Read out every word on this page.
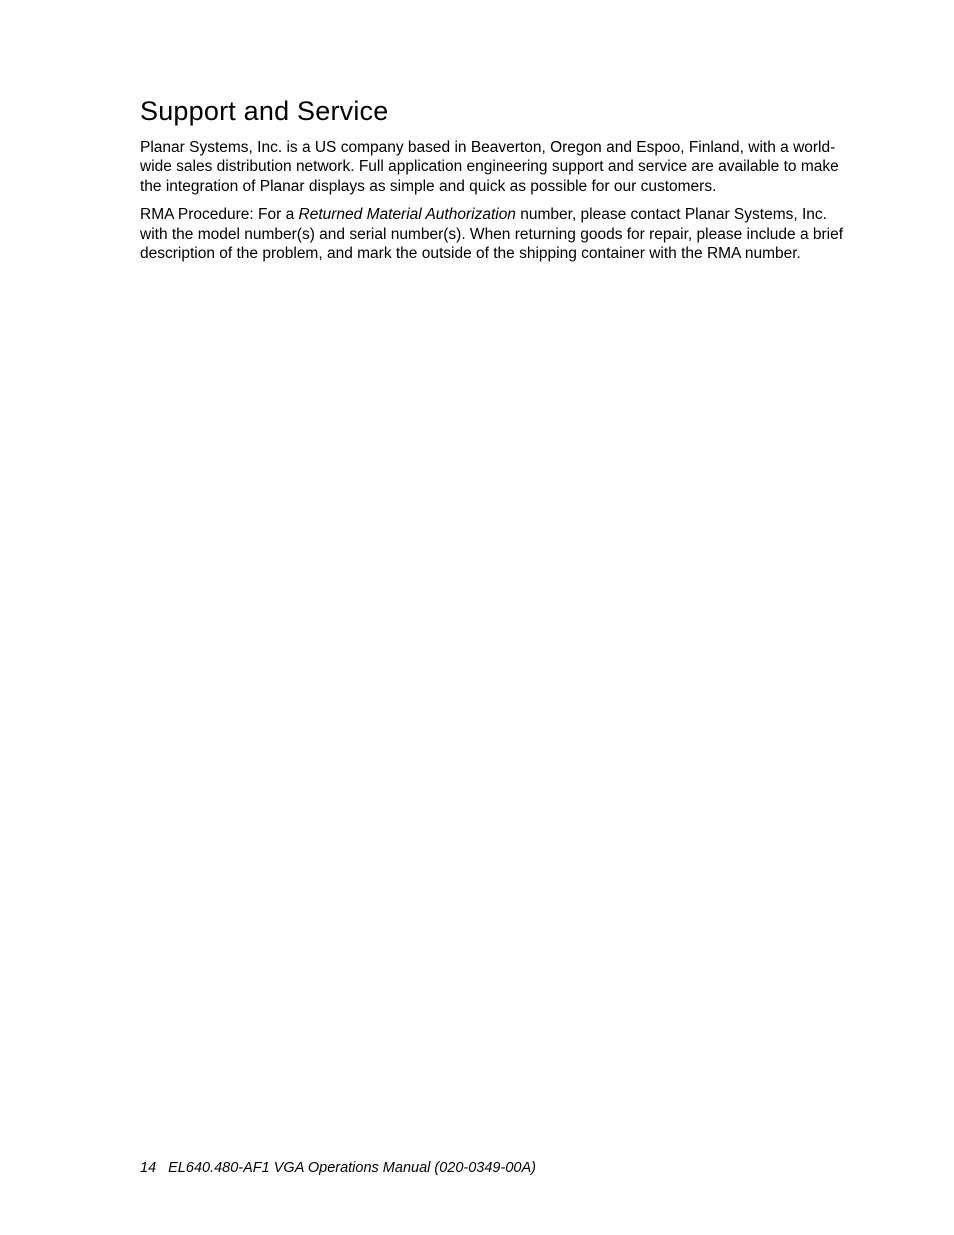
Support and Service

Planar Systems, Inc. is a US company based in Beaverton, Oregon and Espoo, Finland, with a world-wide sales distribution network. Full application engineering support and service are available to make the integration of Planar displays as simple and quick as possible for our customers.

RMA Procedure: For a Returned Material Authorization number, please contact Planar Systems, Inc. with the model number(s) and serial number(s). When returning goods for repair, please include a brief description of the problem, and mark the outside of the shipping container with the RMA number.

14 EL640.480-AF1 VGA Operations Manual (020-0349-00A)
